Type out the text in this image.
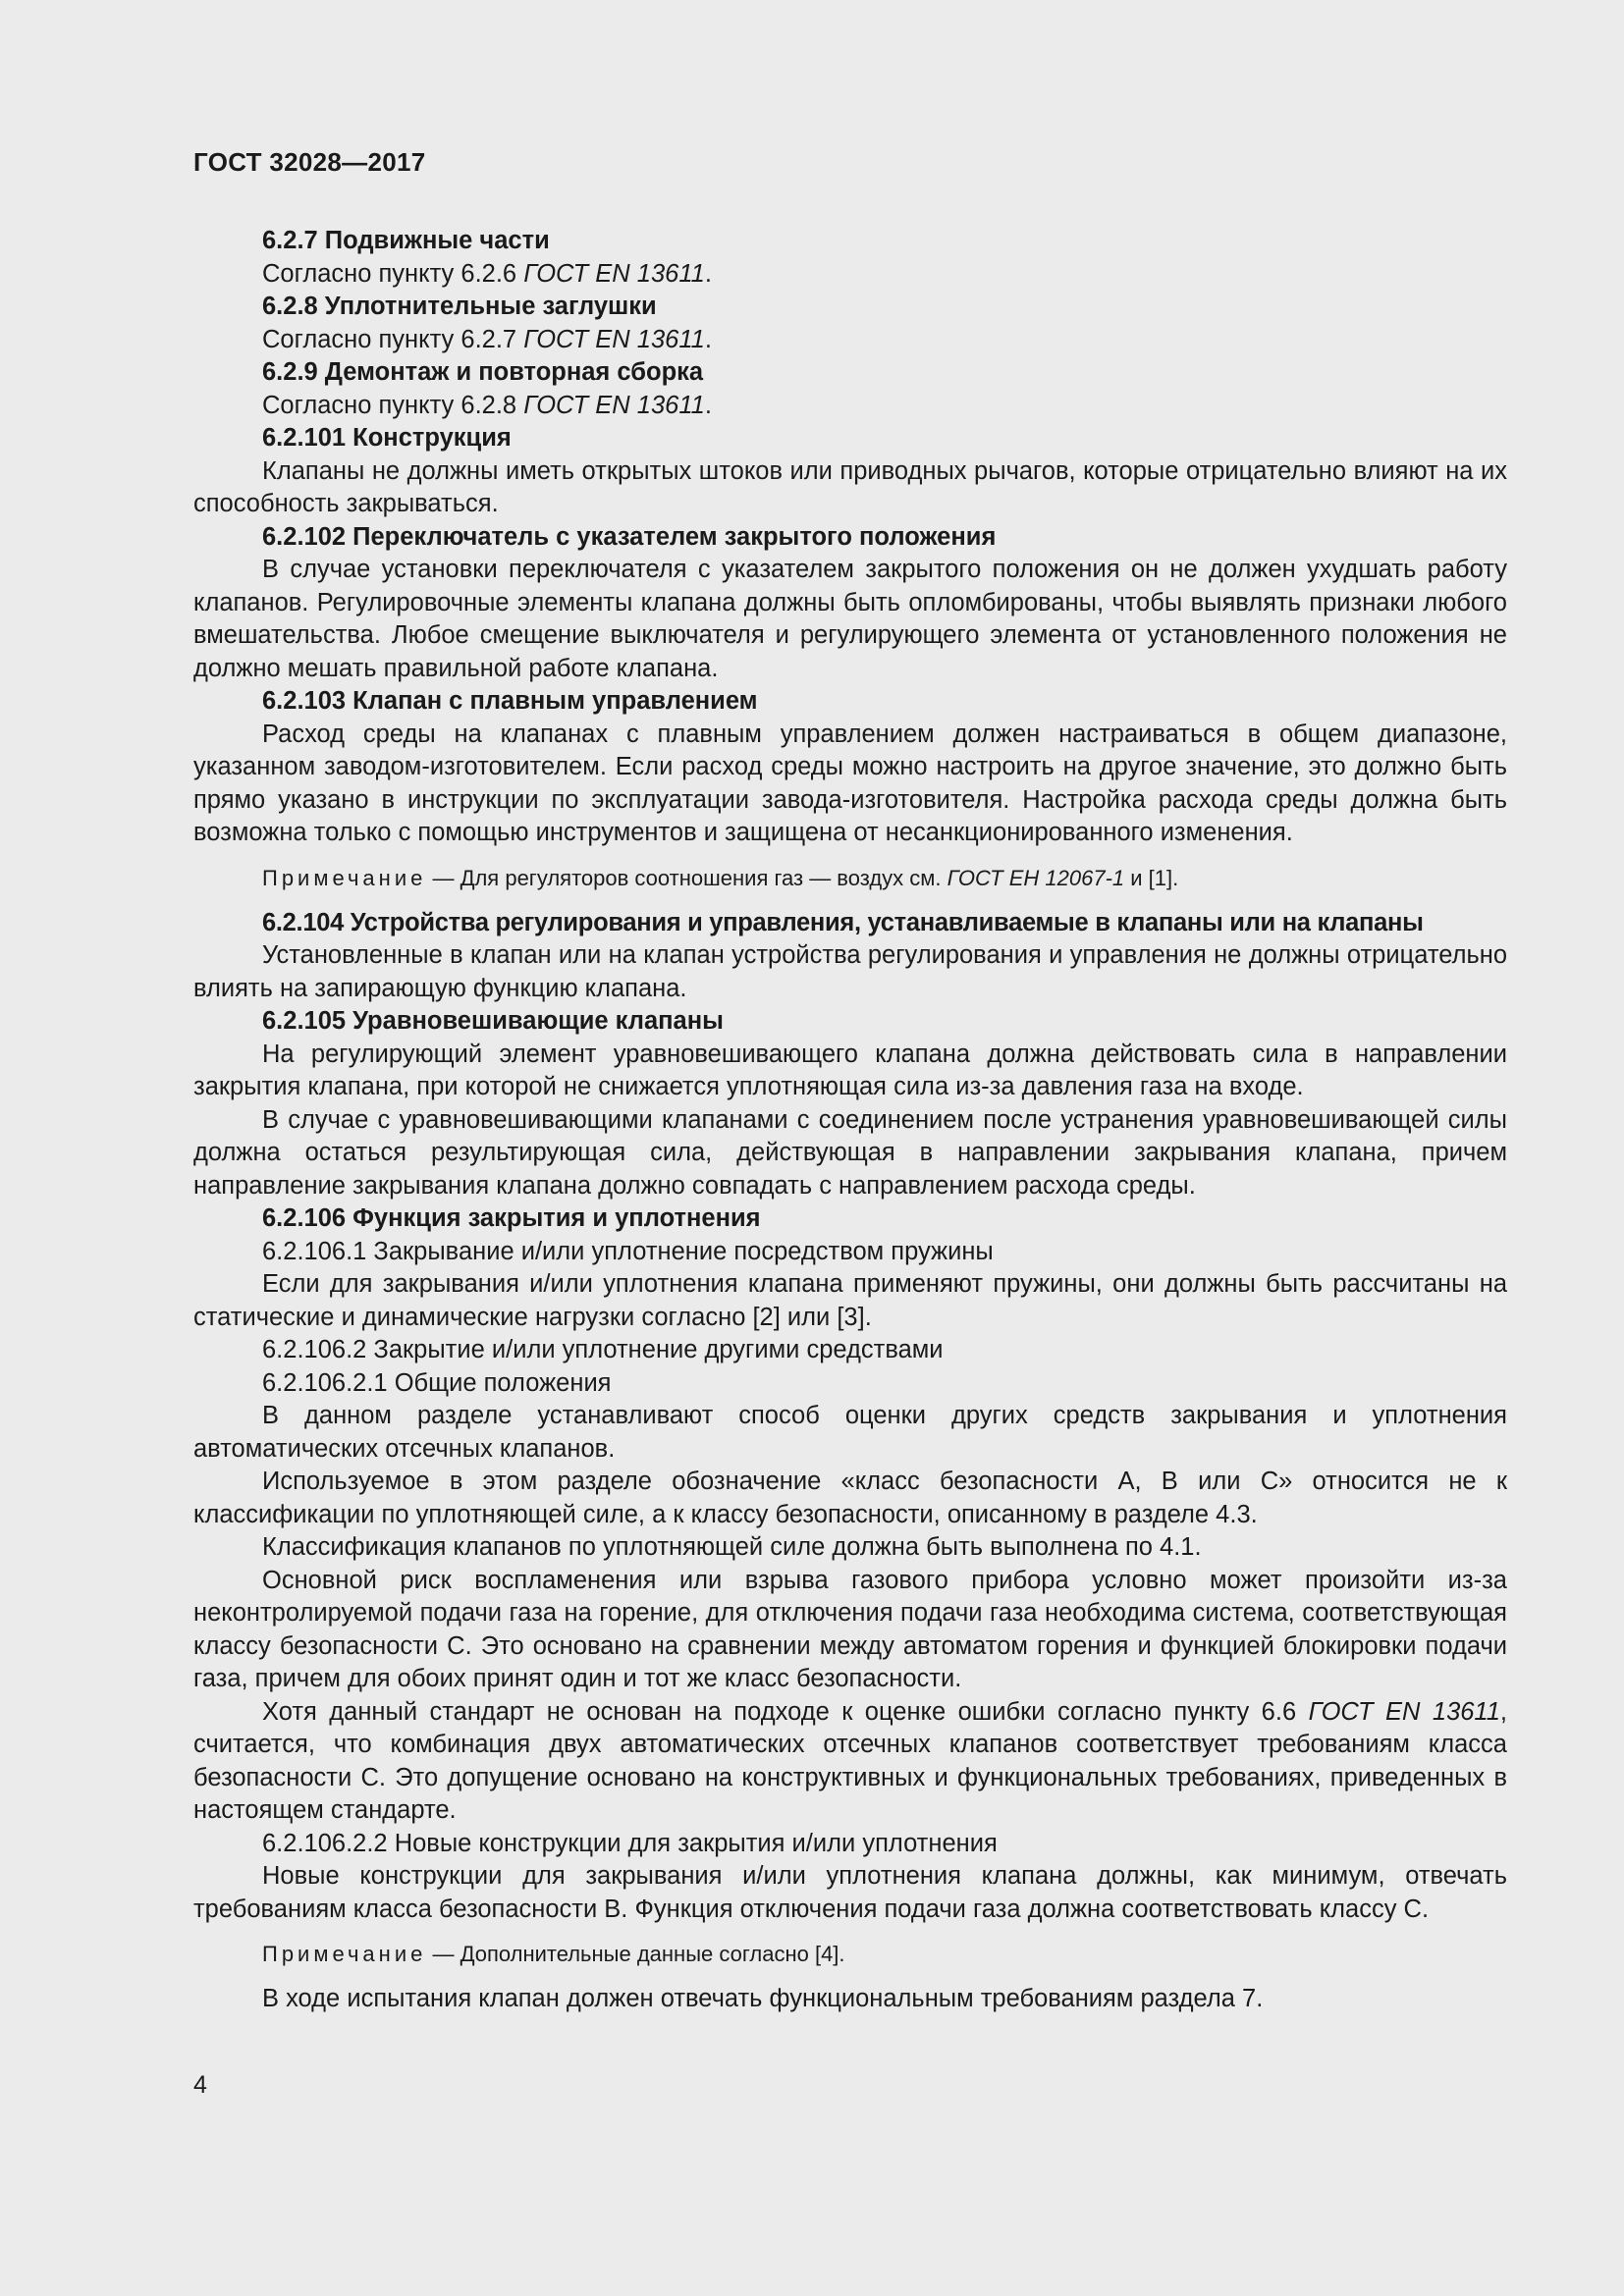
ГОСТ 32028—2017

6.2.7 Подвижные части

Согласно пункту 6.2.6 ГОСТ EN 13611.

6.2.8 Уплотнительные заглушки

Согласно пункту 6.2.7 ГОСТ EN 13611.

6.2.9 Демонтаж и повторная сборка

Согласно пункту 6.2.8 ГОСТ EN 13611.

6.2.101 Конструкция

Клапаны не должны иметь открытых штоков или приводных рычагов, которые отрицательно влияют на их способность закрываться.

6.2.102 Переключатель с указателем закрытого положения

В случае установки переключателя с указателем закрытого положения он не должен ухудшать работу клапанов. Регулировочные элементы клапана должны быть опломбированы, чтобы выявлять признаки любого вмешательства. Любое смещение выключателя и регулирующего элемента от установленного положения не должно мешать правильной работе клапана.

6.2.103 Клапан с плавным управлением

Расход среды на клапанах с плавным управлением должен настраиваться в общем диапазоне, указанном заводом-изготовителем. Если расход среды можно настроить на другое значение, это должно быть прямо указано в инструкции по эксплуатации завода-изготовителя. Настройка расхода среды должна быть возможна только с помощью инструментов и защищена от несанкционированного изменения.

Примечание — Для регуляторов соотношения газ — воздух см. ГОСТ ЕН 12067-1 и [1].

6.2.104 Устройства регулирования и управления, устанавливаемые в клапаны или на клапаны

Установленные в клапан или на клапан устройства регулирования и управления не должны отрицательно влиять на запирающую функцию клапана.

6.2.105 Уравновешивающие клапаны

На регулирующий элемент уравновешивающего клапана должна действовать сила в направлении закрытия клапана, при которой не снижается уплотняющая сила из-за давления газа на входе.

В случае с уравновешивающими клапанами с соединением после устранения уравновешивающей силы должна остаться результирующая сила, действующая в направлении закрывания клапана, причем направление закрывания клапана должно совпадать с направлением расхода среды.

6.2.106 Функция закрытия и уплотнения

6.2.106.1 Закрывание и/или уплотнение посредством пружины

Если для закрывания и/или уплотнения клапана применяют пружины, они должны быть рассчитаны на статические и динамические нагрузки согласно [2] или [3].

6.2.106.2 Закрытие и/или уплотнение другими средствами

6.2.106.2.1 Общие положения

В данном разделе устанавливают способ оценки других средств закрывания и уплотнения автоматических отсечных клапанов.

Используемое в этом разделе обозначение «класс безопасности А, В или С» относится не к классификации по уплотняющей силе, а к классу безопасности, описанному в разделе 4.3.

Классификация клапанов по уплотняющей силе должна быть выполнена по 4.1.

Основной риск воспламенения или взрыва газового прибора условно может произойти из-за неконтролируемой подачи газа на горение, для отключения подачи газа необходима система, соответствующая классу безопасности С. Это основано на сравнении между автоматом горения и функцией блокировки подачи газа, причем для обоих принят один и тот же класс безопасности.

Хотя данный стандарт не основан на подходе к оценке ошибки согласно пункту 6.6 ГОСТ EN 13611, считается, что комбинация двух автоматических отсечных клапанов соответствует требованиям класса безопасности С. Это допущение основано на конструктивных и функциональных требованиях, приведенных в настоящем стандарте.

6.2.106.2.2 Новые конструкции для закрытия и/или уплотнения

Новые конструкции для закрывания и/или уплотнения клапана должны, как минимум, отвечать требованиям класса безопасности В. Функция отключения подачи газа должна соответствовать классу С.

Примечание — Дополнительные данные согласно [4].

В ходе испытания клапан должен отвечать функциональным требованиям раздела 7.

4
